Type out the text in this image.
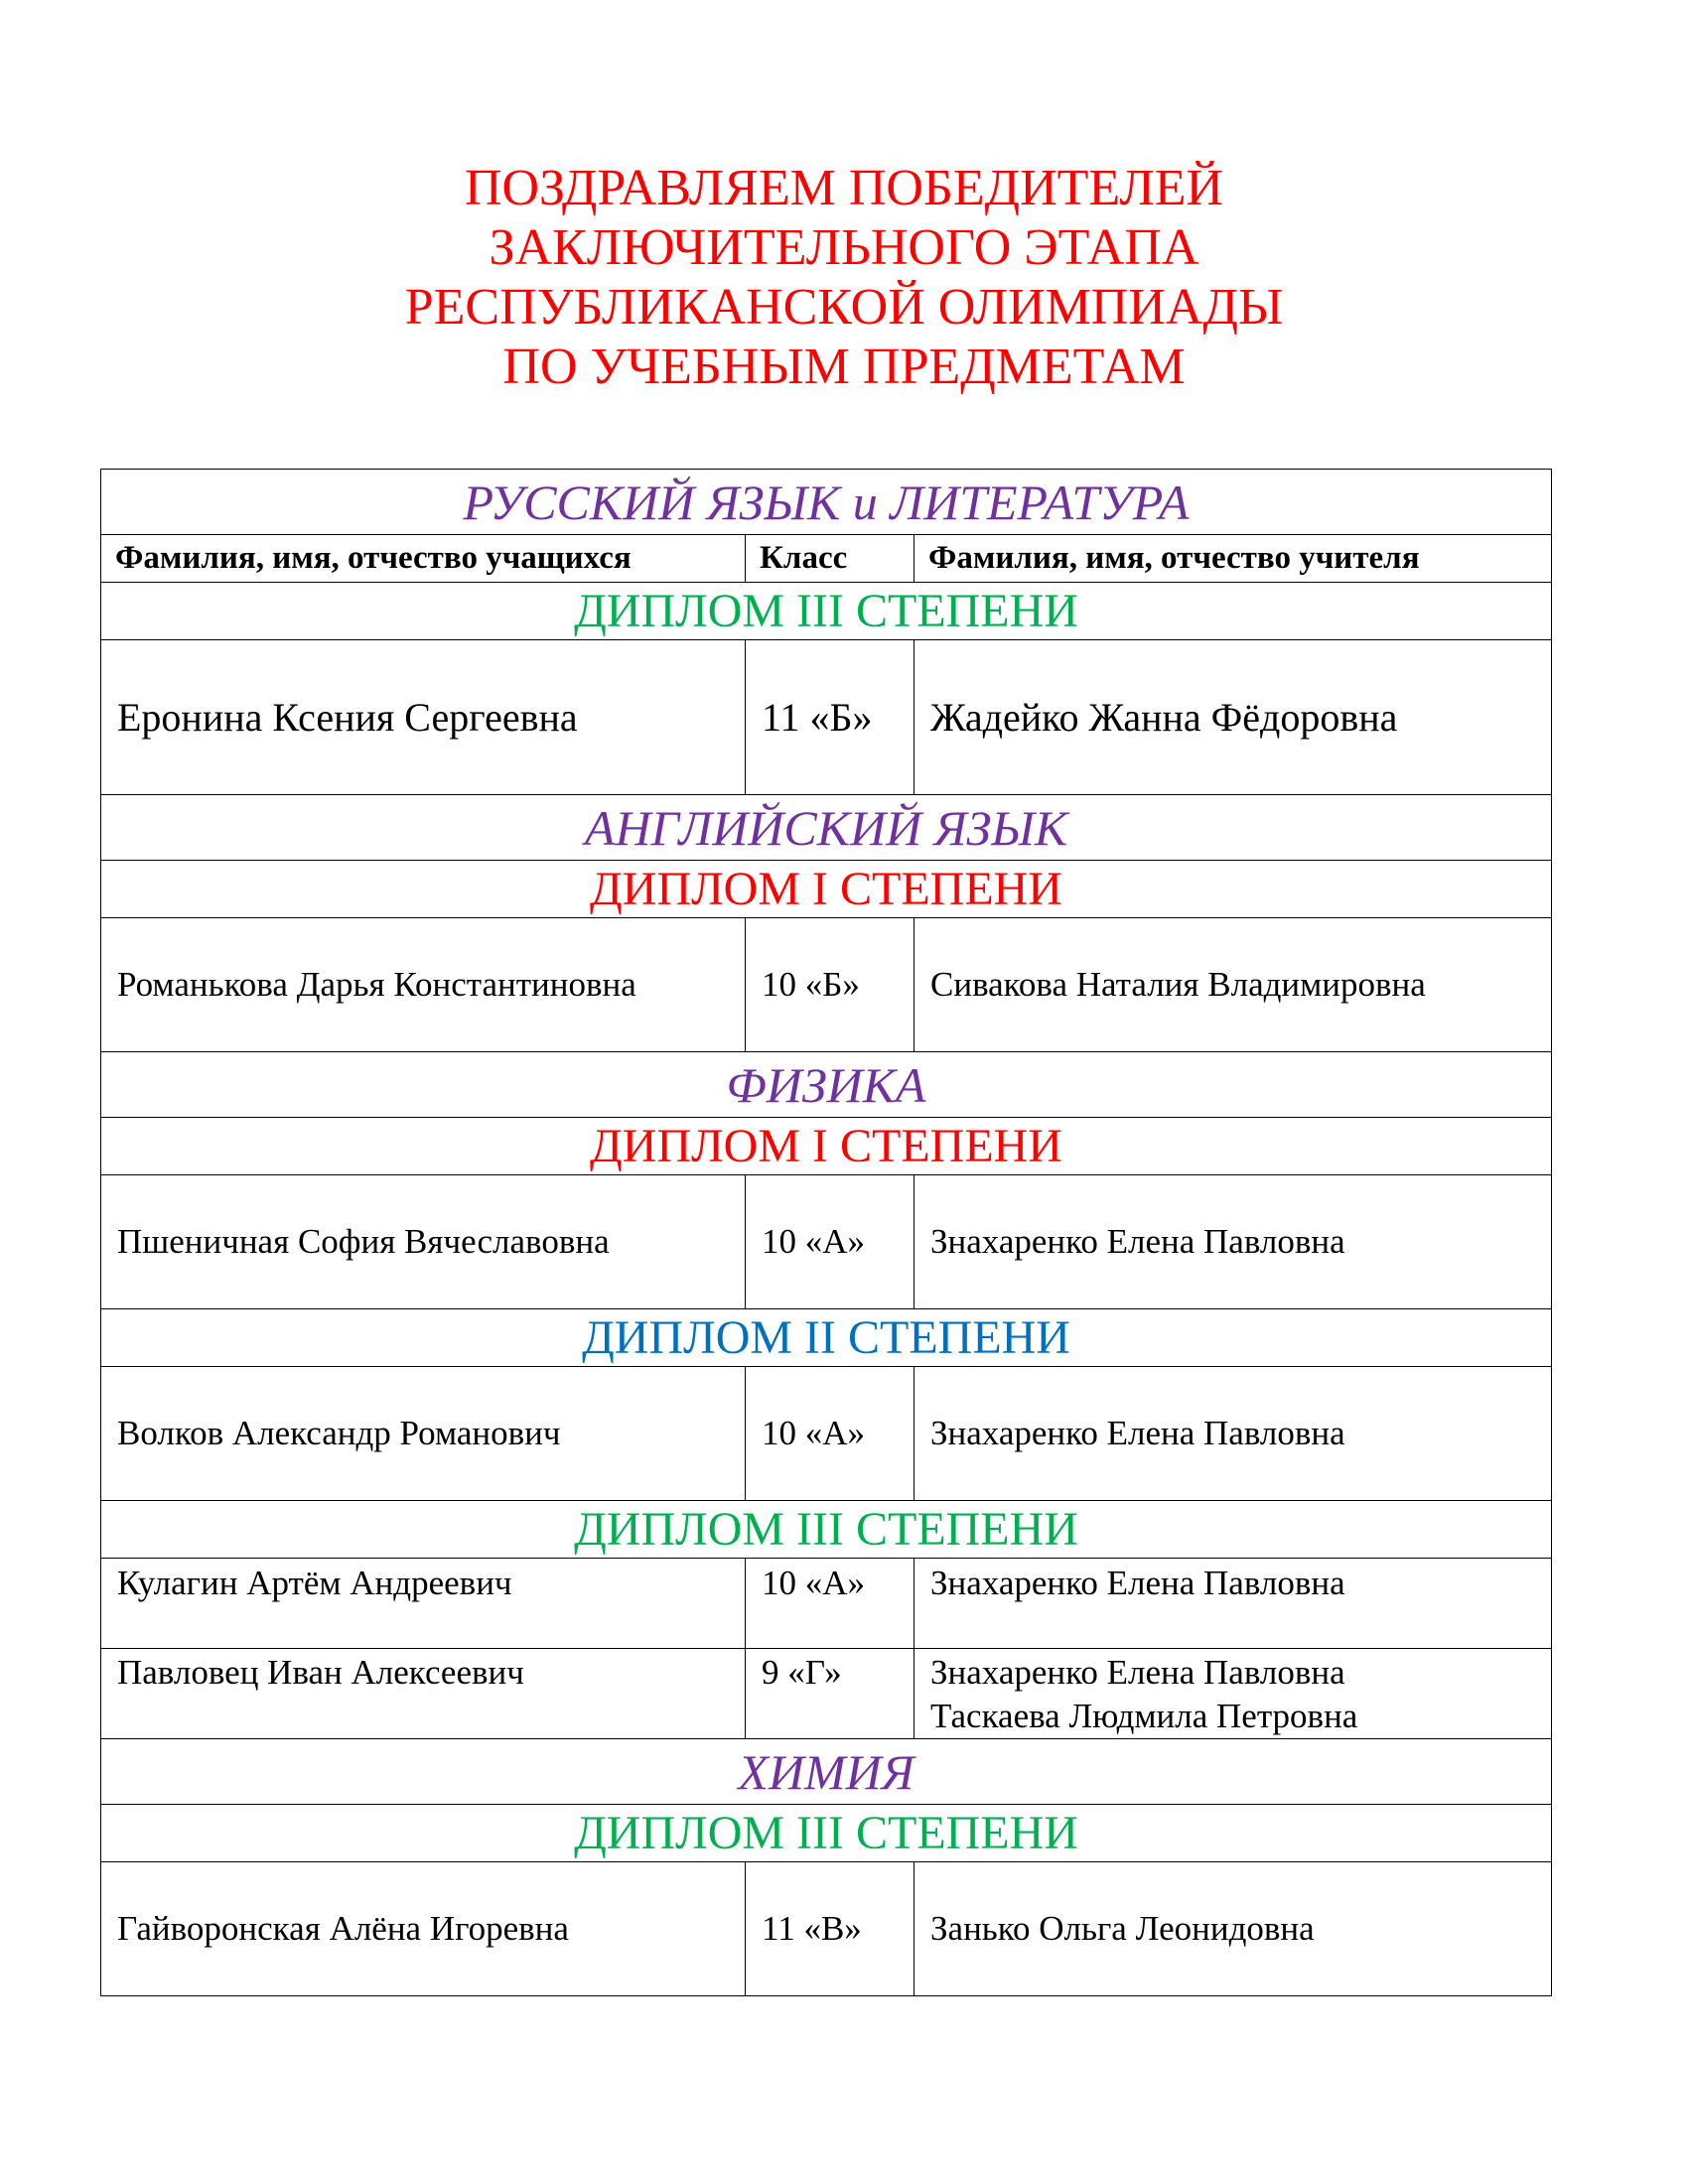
ПОЗДРАВЛЯЕМ ПОБЕДИТЕЛЕЙ
ЗАКЛЮЧИТЕЛЬНОГО ЭТАПА
РЕСПУБЛИКАНСКОЙ ОЛИМПИАДЫ
ПО УЧЕБНЫМ ПРЕДМЕТАМ
РУССКИЙ ЯЗЫК и ЛИТЕРАТУРА		
Фамилия, имя, отчество учащихся	Класс	Фамилия, имя, отчество учителя
ДИПЛОМ III СТЕПЕНИ		
Еронина Ксения Сергеевна	11 «Б»	Жадейко Жанна Фёдоровна
АНГЛИЙСКИЙ ЯЗЫК		
ДИПЛОМ I СТЕПЕНИ		
Романькова Дарья Константиновна	10 «Б»	Сивакова Наталия Владимировна
ФИЗИКА		
ДИПЛОМ I СТЕПЕНИ		
Пшеничная София Вячеславовна	10 «А»	Знахаренко Елена Павловна
ДИПЛОМ II СТЕПЕНИ		
Волков Александр Романович	10 «А»	Знахаренко Елена Павловна
ДИПЛОМ III СТЕПЕНИ		
Кулагин Артём Андреевич	10 «А»	Знахаренко Елена Павловна
Павловец Иван Алексеевич	9 «Г»	Знахаренко Елена Павловна
Таскаева Людмила Петровна

ХИМИЯ		
ДИПЛОМ III СТЕПЕНИ		
Гайворонская Алёна Игоревна	11 «В»	Занько Ольга Леонидовна
